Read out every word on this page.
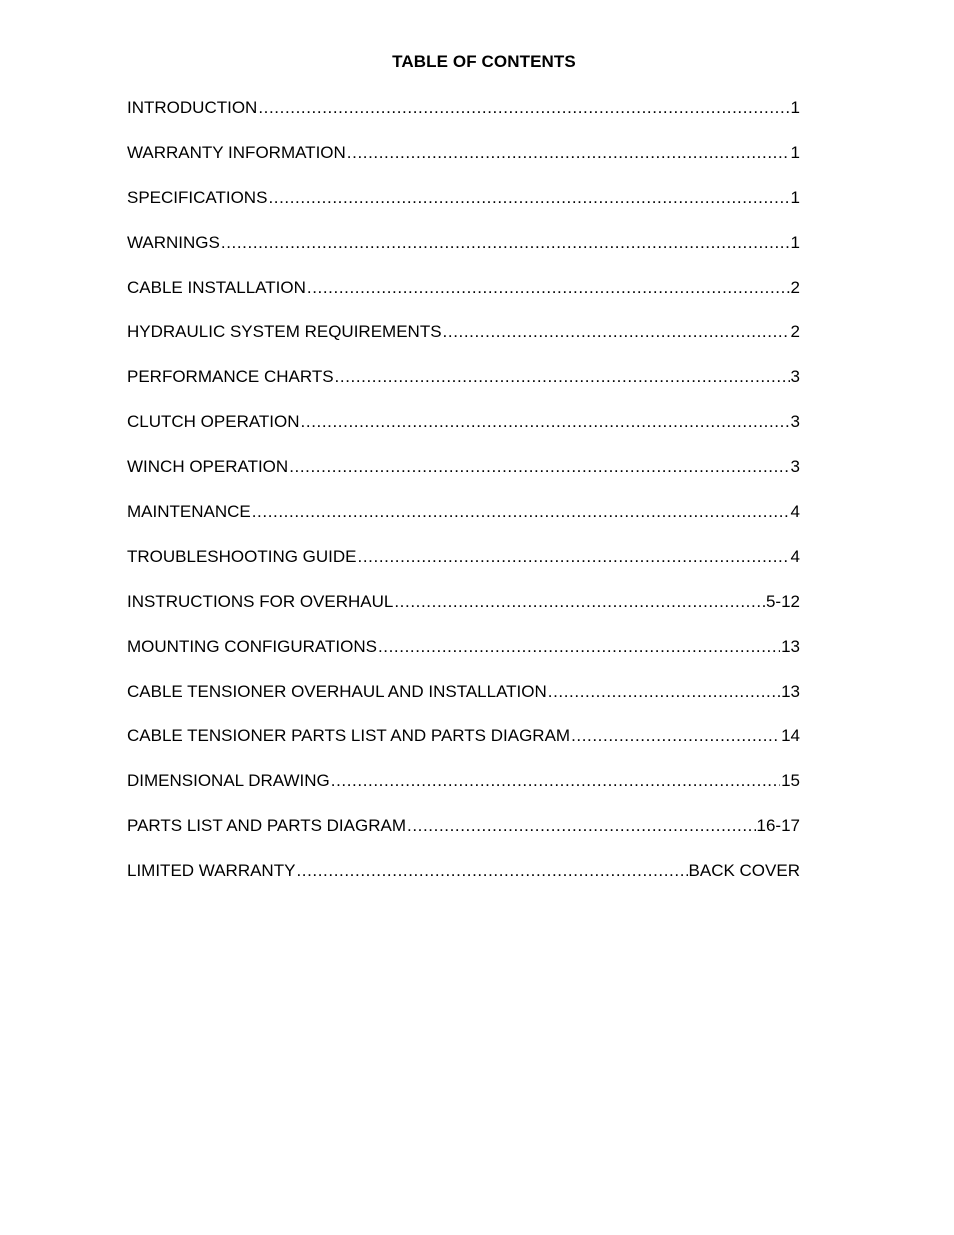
TABLE OF CONTENTS
INTRODUCTION .....	1
WARRANTY INFORMATION .....	1
SPECIFICATIONS .....	1
WARNINGS .....	1
CABLE INSTALLATION .....	2
HYDRAULIC SYSTEM REQUIREMENTS .....	2
PERFORMANCE CHARTS .....	3
CLUTCH OPERATION .....	3
WINCH OPERATION .....	3
MAINTENANCE .....	4
TROUBLESHOOTING GUIDE .....	4
INSTRUCTIONS FOR OVERHAUL .....	5-12
MOUNTING CONFIGURATIONS .....	13
CABLE TENSIONER OVERHAUL AND INSTALLATION .....	13
CABLE TENSIONER PARTS LIST AND PARTS DIAGRAM .....	14
DIMENSIONAL DRAWING .....	15
PARTS LIST AND PARTS DIAGRAM .....	16-17
LIMITED WARRANTY .....	BACK COVER
